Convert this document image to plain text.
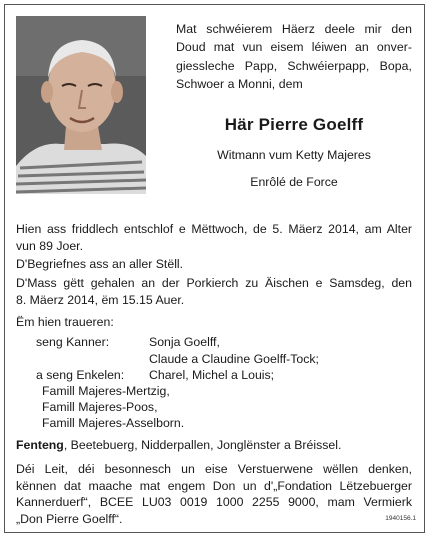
Mat schwéierem Häerz deele mir den
Doud mat vun eisem léiwen an onver-
giessleche Papp, Schwéierpapp, Bopa,
Schwoer a Monni, dem
Här Pierre Goelff
Witmann vum Ketty Majeres
Enrôlé de Force
Hien ass friddlech entschlof e Mëttwoch, de 5. Mäerz 2014, am Alter
vun 89 Joer.
D'Begriefnes ass an aller Stëll.
D'Mass gëtt gehalen an der Porkierch zu Äischen e Samsdeg, den
8. Mäerz 2014, ëm 15.15 Auer.
Ëm hien traueren:
seng Kanner:	Sonja Goelff,
Claude a Claudine Goelff-Tock;
a seng Enkelen: Charel, Michel a Louis;
Famill Majeres-Mertzig,
Famill Majeres-Poos,
Famill Majeres-Asselborn.
Fenteng, Beetebuerg, Nidderpallen, Jonglënster a Bréissel.
Déi Leit, déi besonnesch un eise Verstuerwene wëllen denken,
kënnen dat maache mat engem Don un d'„Fondation Lëtzebuerger
Kannerduerf“, BCEE LU03 0019 1000 2255 9000, mam Vermierk
„Don Pierre Goelff“.	1940156.1
